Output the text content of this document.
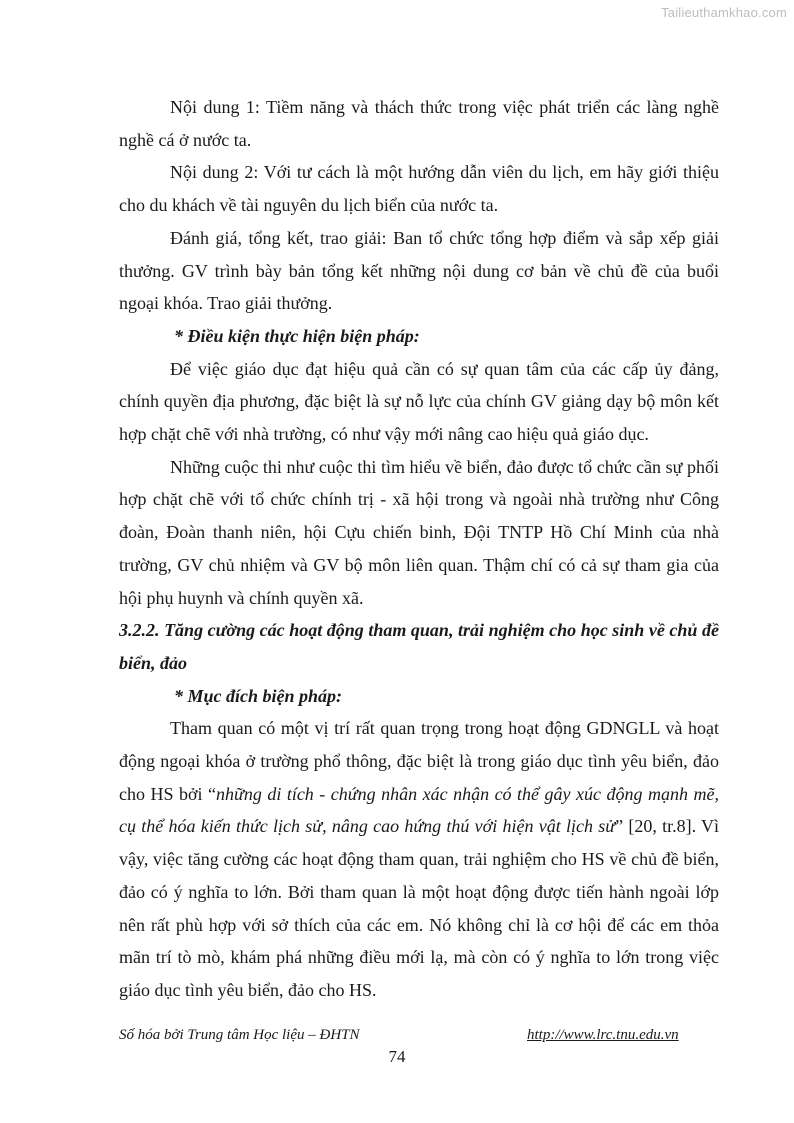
Tailieuthamkhao.com

Nội dung 1: Tiềm năng và thách thức trong việc phát triển các làng nghề nghề cá ở nước ta.

Nội dung 2: Với tư cách là một hướng dẫn viên du lịch, em hãy giới thiệu cho du khách về tài nguyên du lịch biển của nước ta.

Đánh giá, tổng kết, trao giải: Ban tổ chức tổng hợp điểm và sắp xếp giải thưởng. GV trình bày bản tổng kết những nội dung cơ bản về chủ đề của buổi ngoại khóa. Trao giải thưởng.

* Điều kiện thực hiện biện pháp:

Để việc giáo dục đạt hiệu quả cần có sự quan tâm của các cấp ủy đảng, chính quyền địa phương, đặc biệt là sự nỗ lực của chính GV giảng dạy bộ môn kết hợp chặt chẽ với nhà trường, có như vậy mới nâng cao hiệu quả giáo dục.

Những cuộc thi như cuộc thi tìm hiểu về biển, đảo được tổ chức cần sự phối hợp chặt chẽ với tổ chức chính trị - xã hội trong và ngoài nhà trường như Công đoàn, Đoàn thanh niên, hội Cựu chiến binh, Đội TNTP Hồ Chí Minh của nhà trường, GV chủ nhiệm và GV bộ môn liên quan. Thậm chí có cả sự tham gia của hội phụ huynh và chính quyền xã.

3.2.2. Tăng cường các hoạt động tham quan, trải nghiệm cho học sinh về chủ đề biển, đảo

* Mục đích biện pháp:

Tham quan có một vị trí rất quan trọng trong hoạt động GDNGLL và hoạt động ngoại khóa ở trường phổ thông, đặc biệt là trong giáo dục tình yêu biển, đảo cho HS bởi “những di tích - chứng nhân xác nhận có thể gây xúc động mạnh mẽ, cụ thể hóa kiến thức lịch sử, nâng cao hứng thú với hiện vật lịch sử” [20, tr.8]. Vì vậy, việc tăng cường các hoạt động tham quan, trải nghiệm cho HS về chủ đề biển, đảo có ý nghĩa to lớn. Bởi tham quan là một hoạt động được tiến hành ngoài lớp nên rất phù hợp với sở thích của các em. Nó không chỉ là cơ hội để các em thỏa mãn trí tò mò, khám phá những điều mới lạ, mà còn có ý nghĩa to lớn trong việc giáo dục tình yêu biển, đảo cho HS.

Số hóa bởi Trung tâm Học liệu – ĐHTN	http://www.lrc.tnu.edu.vn
74
